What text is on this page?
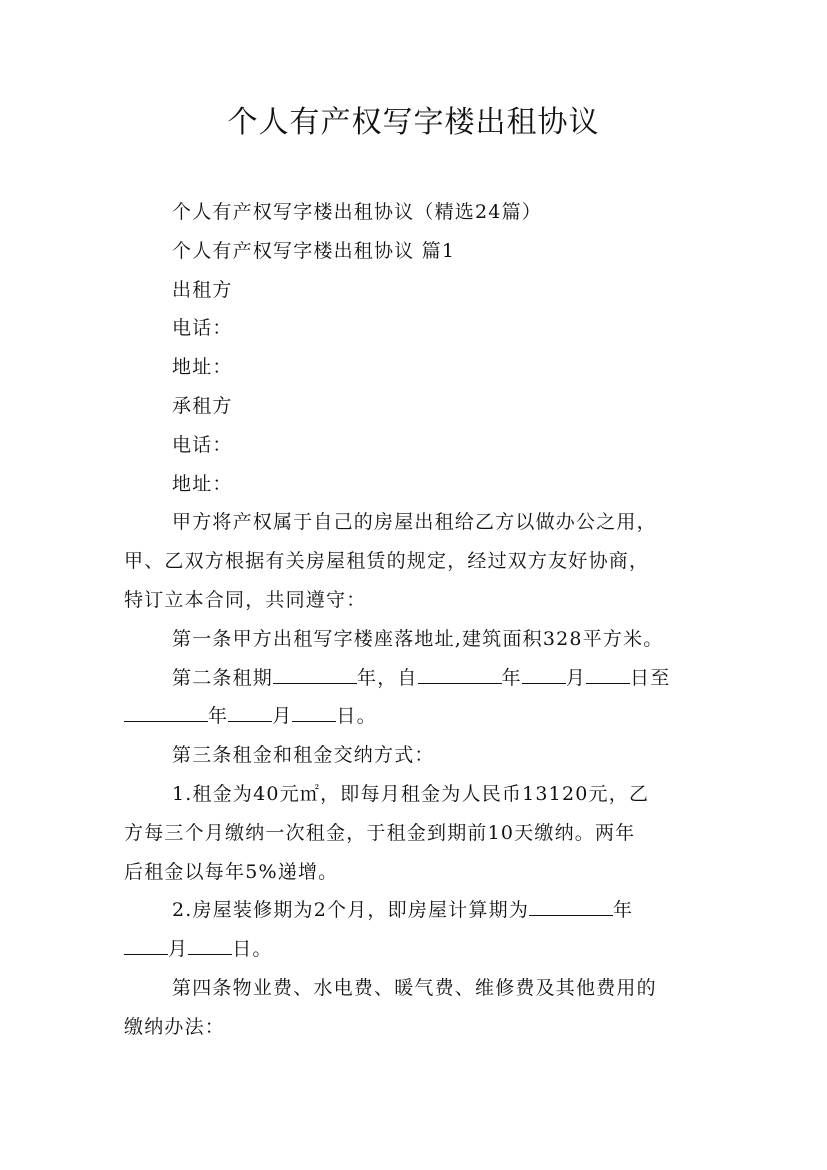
个人有产权写字楼出租协议

个人有产权写字楼出租协议（精选24篇）

个人有产权写字楼出租协议 篇1

出租方

电话：

地址：

承租方

电话：

地址：

甲方将产权属于自己的房屋出租给乙方以做办公之用，

甲、乙双方根据有关房屋租赁的规定，经过双方友好协商，

特订立本合同，共同遵守：

第一条甲方出租写字楼座落地址,建筑面积328平方米。

第二条租期	年，自	年 月 日至

年 月 日。

第三条租金和租金交纳方式：

1.租金为40元㎡，即每月租金为人民币13120元，乙

方每三个月缴纳一次租金，于租金到期前10天缴纳。两年

后租金以每年5%递增。

2.房屋装修期为2个月，即房屋计算期为	年

月 日。

第四条物业费、水电费、暖气费、维修费及其他费用的

缴纳办法：
